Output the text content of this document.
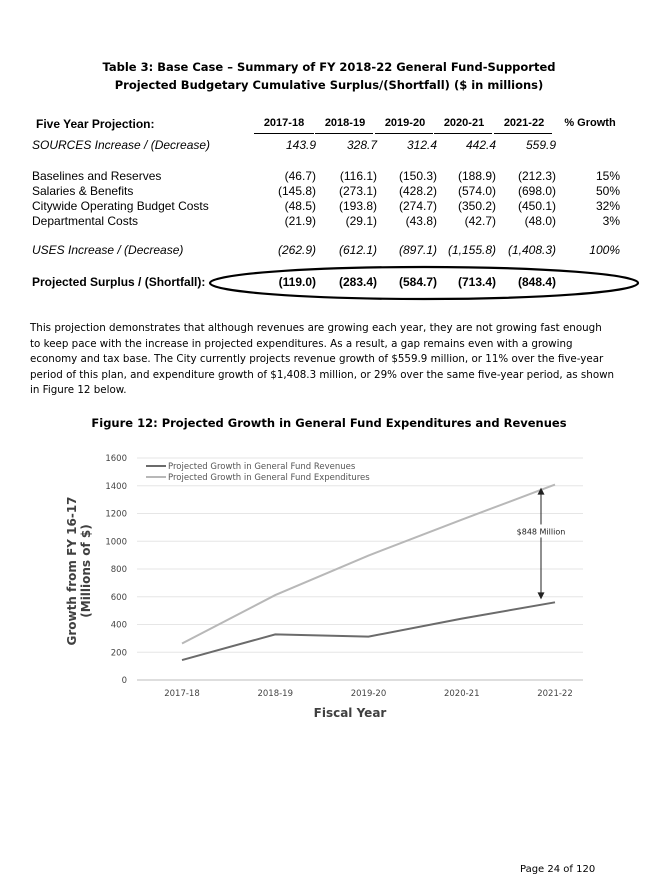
Table 3: Base Case – Summary of FY 2018-22 General Fund-Supported
Projected Budgetary Cumulative Surplus/(Shortfall) ($ in millions)
Five Year Projection:	2017-18	2018-19	2019-20	2020-21	2021-22	% Growth
SOURCES Increase / (Decrease)	143.9	328.7	312.4	442.4	559.9
Baselines and Reserves	(46.7)	(116.1)	(150.3)	(188.9)	(212.3)	15%
Salaries & Benefits	(145.8)	(273.1)	(428.2)	(574.0)	(698.0)	50%
Citywide Operating Budget Costs	(48.5)	(193.8)	(274.7)	(350.2)	(450.1)	32%
Departmental Costs	(21.9)	(29.1)	(43.8)	(42.7)	(48.0)	3%
USES Increase / (Decrease)	(262.9)	(612.1)	(897.1) (1,155.8) (1,408.3)	100%
Projected Surplus / (Shortfall):	(119.0)	(283.4)	(584.7)	(713.4)	(848.4)
This projection demonstrates that although revenues are growing each year, they are not growing fast enough
to keep pace with the increase in projected expenditures. As a result, a gap remains even with a growing
economy and tax base. The City currently projects revenue growth of $559.9 million, or 11% over the five-year
period of this plan, and expenditure growth of $1,408.3 million, or 29% over the same five-year period, as shown
in Figure 12 below.
Figure 12: Projected Growth in General Fund Expenditures and Revenues
0
200
400
600
800
1000
1200
1400
1600
2017-18	2018-19	2019-20	2020-21	2021-22
Growth from FY 16-17 (Millions of $)
Fiscal Year
Projected Growth in General Fund Revenues
Projected Growth in General Fund Expenditures
$848 Million
Page 24 of 120
